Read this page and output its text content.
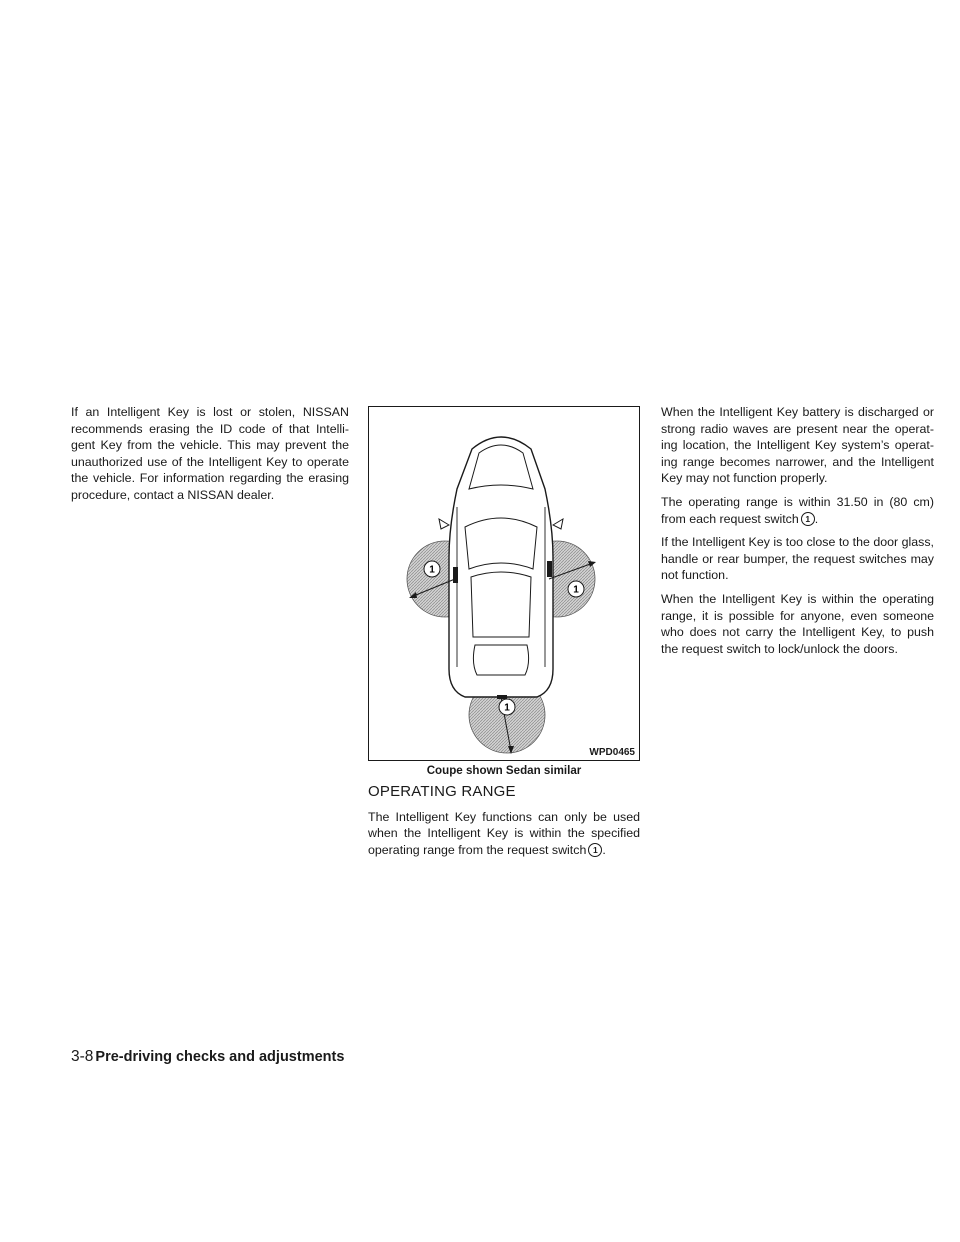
If an Intelligent Key is lost or stolen, NISSAN recommends erasing the ID code of that Intelli-gent Key from the vehicle. This may prevent the unauthorized use of the Intelligent Key to operate the vehicle. For information regarding the erasing procedure, contact a NISSAN dealer.

1
1
1
WPD0465
Coupe shown Sedan similar
OPERATING RANGE

The Intelligent Key functions can only be used when the Intelligent Key is within the specified operating range from the request switch 1 .

When the Intelligent Key battery is discharged or strong radio waves are present near the operat-ing location, the Intelligent Key system’s operat-ing range becomes narrower, and the Intelligent Key may not function properly.

The operating range is within 31.50 in (80 cm) from each request switch 1 .

If the Intelligent Key is too close to the door glass, handle or rear bumper, the request switches may not function.

When the Intelligent Key is within the operating range, it is possible for anyone, even someone who does not carry the Intelligent Key, to push the request switch to lock/unlock the doors.

3-8 Pre-driving checks and adjustments
